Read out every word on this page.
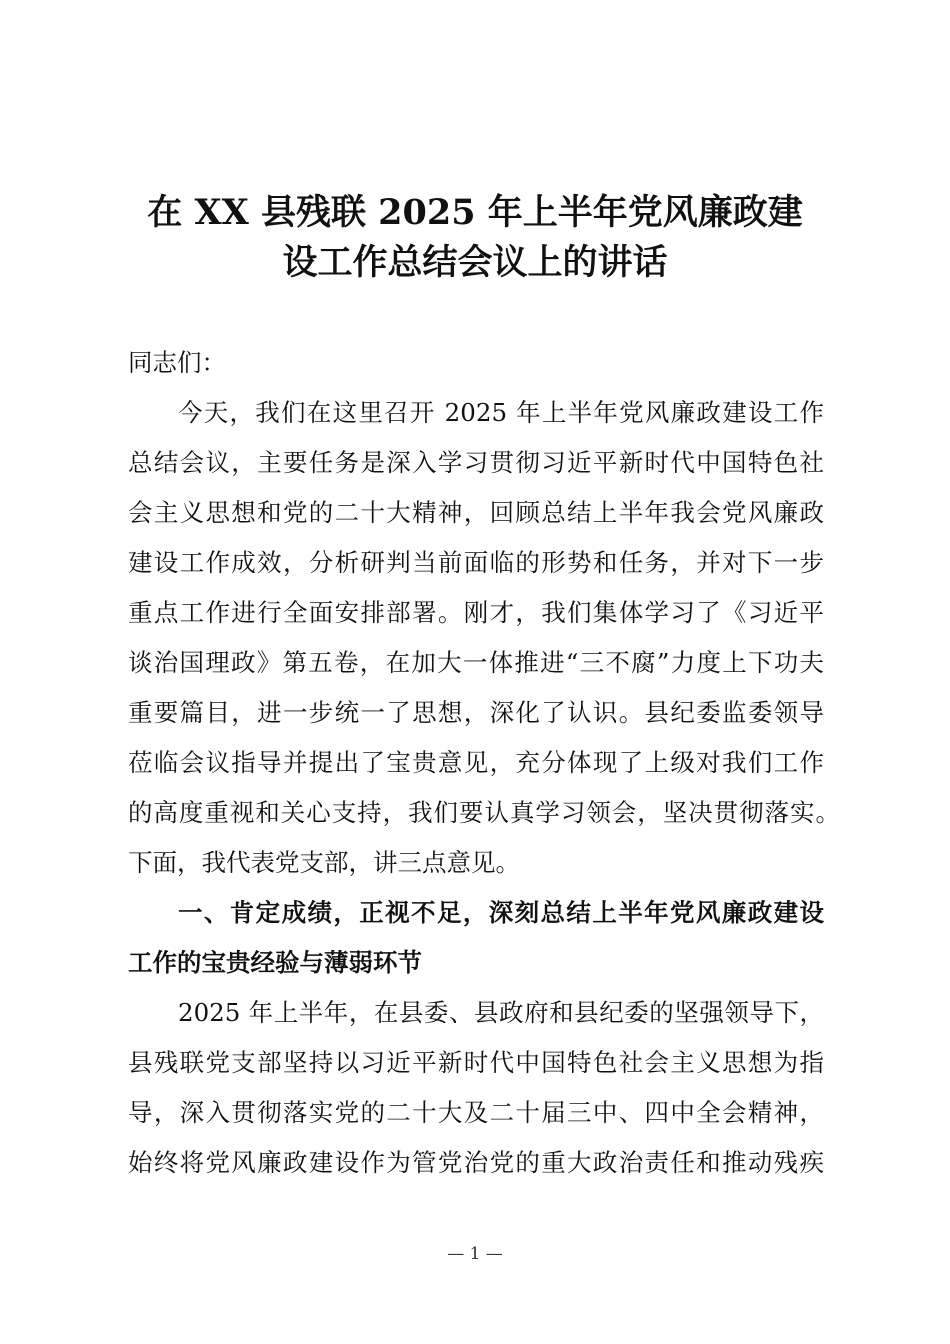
在 XX 县残联 2025 年上半年党风廉政建
设工作总结会议上的讲话
同志们：
今天，我们在这里召开 2025 年上半年党风廉政建设工作
总结会议，主要任务是深入学习贯彻习近平新时代中国特色社
会主义思想和党的二十大精神，回顾总结上半年我会党风廉政
建设工作成效，分析研判当前面临的形势和任务，并对下一步
重点工作进行全面安排部署。刚才，我们集体学习了《习近平
谈治国理政》第五卷，在加大一体推进“三不腐”力度上下功夫
重要篇目，进一步统一了思想，深化了认识。县纪委监委领导
莅临会议指导并提出了宝贵意见，充分体现了上级对我们工作
的高度重视和关心支持，我们要认真学习领会，坚决贯彻落实。
下面，我代表党支部，讲三点意见。
一、肯定成绩，正视不足，深刻总结上半年党风廉政建设
工作的宝贵经验与薄弱环节
2025 年上半年，在县委、县政府和县纪委的坚强领导下，
县残联党支部坚持以习近平新时代中国特色社会主义思想为指
导，深入贯彻落实党的二十大及二十届三中、四中全会精神，
始终将党风廉政建设作为管党治党的重大政治责任和推动残疾
— 1 —
